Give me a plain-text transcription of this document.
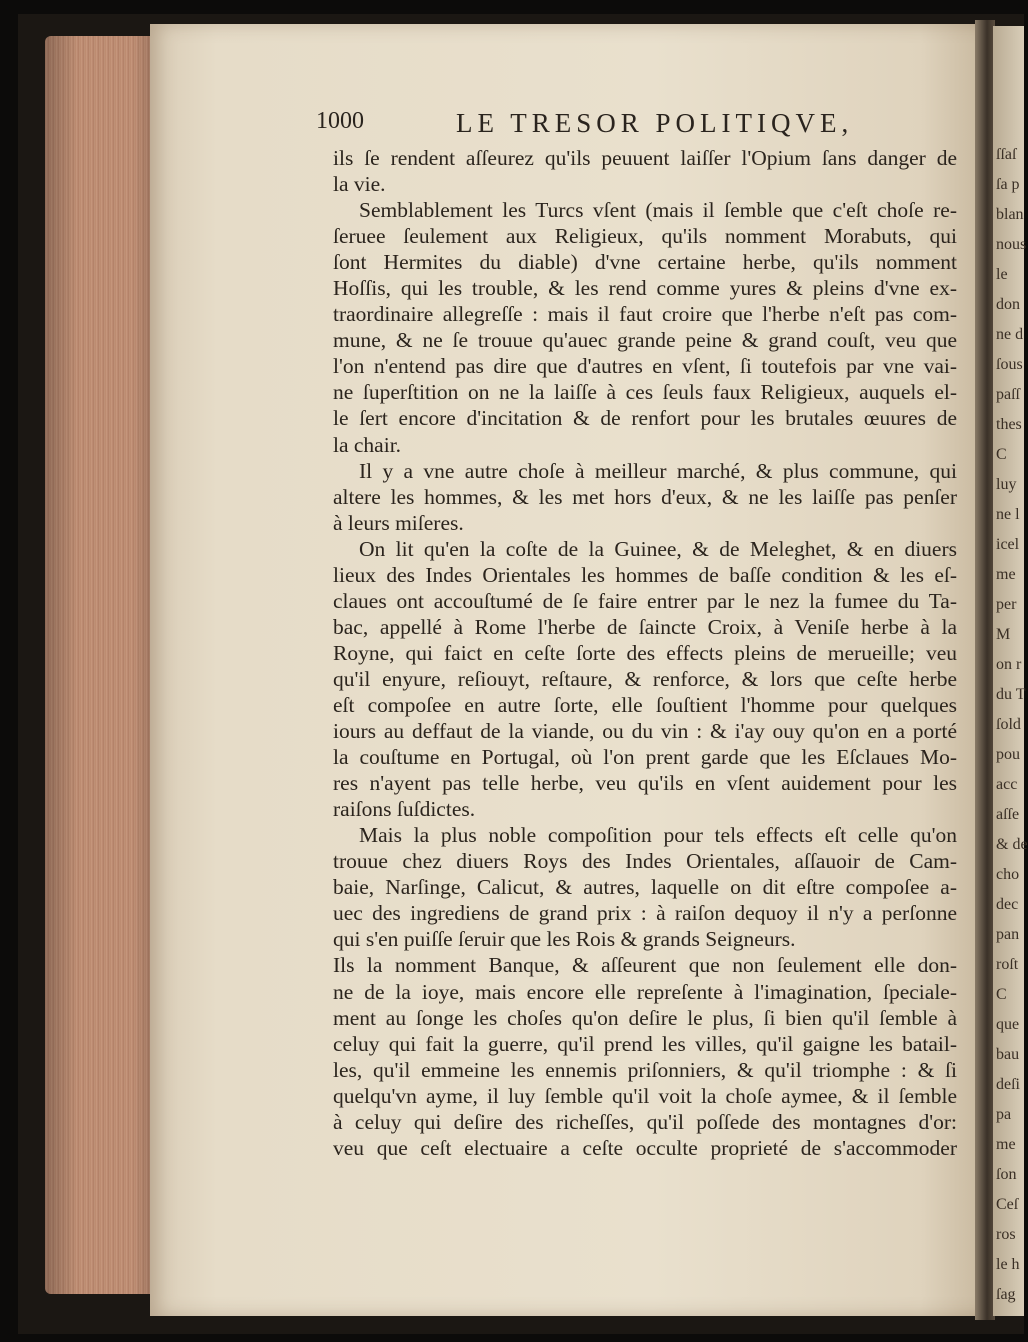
ſſaſ
ſa p
blan
nous
le
don
ne d
ſous
paſſ
thes
C
luy
ne l
icel
me
per
M
on r
du T
ſold
pou
acc
aſſe
& de
cho
dec
pan
roſt
C
que
bau
deſi
pa
me
ſon
Ceſ
ros
le h
ſag
1000	LE TRESOR POLITIQVE,
ils ſe rendent aſſeurez qu'ils peuuent laiſſer l'Opium ſans danger de
la vie.
Semblablement les Turcs vſent (mais il ſemble que c'eſt choſe re-
ſeruee ſeulement aux Religieux, qu'ils nomment Morabuts, qui
ſont Hermites du diable) d'vne certaine herbe, qu'ils nomment
Hoſſis, qui les trouble, & les rend comme yures & pleins d'vne ex-
traordinaire allegreſſe : mais il faut croire que l'herbe n'eſt pas com-
mune, & ne ſe trouue qu'auec grande peine & grand couſt, veu que
l'on n'entend pas dire que d'autres en vſent, ſi toutefois par vne vai-
ne ſuperſtition on ne la laiſſe à ces ſeuls faux Religieux, auquels el-
le ſert encore d'incitation & de renfort pour les brutales œuures de
la chair.
Il y a vne autre choſe à meilleur marché, & plus commune, qui
altere les hommes, & les met hors d'eux, & ne les laiſſe pas penſer
à leurs miſeres.
On lit qu'en la coſte de la Guinee, & de Meleghet, & en diuers
lieux des Indes Orientales les hommes de baſſe condition & les eſ-
claues ont accouſtumé de ſe faire entrer par le nez la fumee du Ta-
bac, appellé à Rome l'herbe de ſaincte Croix, à Veniſe herbe à la
Royne, qui faict en ceſte ſorte des effects pleins de merueille; veu
qu'il enyure, reſiouyt, reſtaure, & renforce, & lors que ceſte herbe
eſt compoſee en autre ſorte, elle ſouſtient l'homme pour quelques
iours au deffaut de la viande, ou du vin : & i'ay ouy qu'on en a porté
la couſtume en Portugal, où l'on prent garde que les Eſclaues Mo-
res n'ayent pas telle herbe, veu qu'ils en vſent auidement pour les
raiſons ſuſdictes.
Mais la plus noble compoſition pour tels effects eſt celle qu'on
trouue chez diuers Roys des Indes Orientales, aſſauoir de Cam-
baie, Narſinge, Calicut, & autres, laquelle on dit eſtre compoſee a-
uec des ingrediens de grand prix : à raiſon dequoy il n'y a perſonne
qui s'en puiſſe ſeruir que les Rois & grands Seigneurs.
Ils la nomment Banque, & aſſeurent que non ſeulement elle don-
ne de la ioye, mais encore elle repreſente à l'imagination, ſpeciale-
ment au ſonge les choſes qu'on deſire le plus, ſi bien qu'il ſemble à
celuy qui fait la guerre, qu'il prend les villes, qu'il gaigne les batail-
les, qu'il emmeine les ennemis priſonniers, & qu'il triomphe : & ſi
quelqu'vn ayme, il luy ſemble qu'il voit la choſe aymee, & il ſemble
à celuy qui deſire des richeſſes, qu'il poſſede des montagnes d'or:
veu que ceſt electuaire a ceſte occulte proprieté de s'accommoder
